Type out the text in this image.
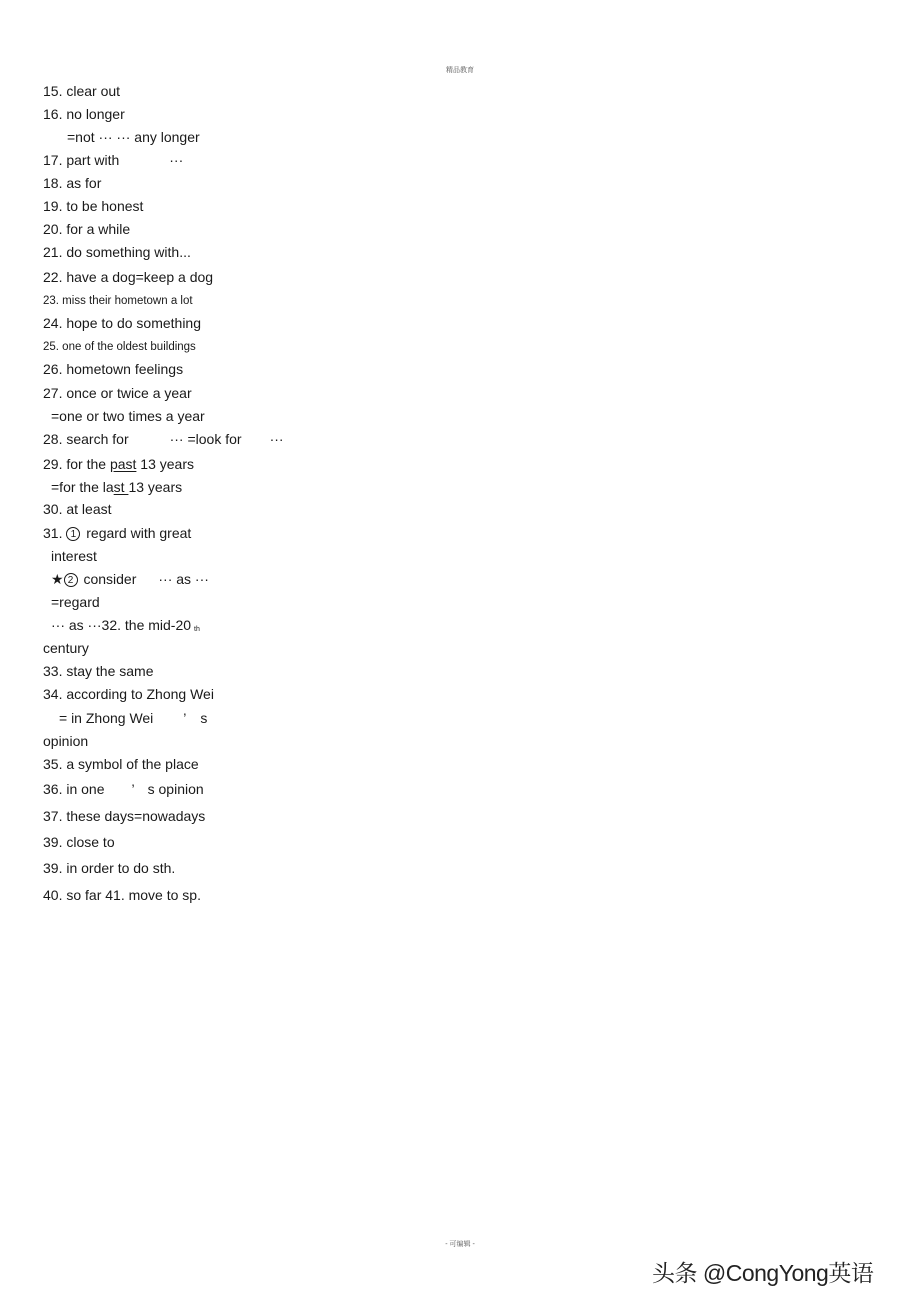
精品教育
15. clear out
16. no longer
=not ··· ··· any longer
17. part with	···
18. as for
19. to be honest
20. for a while
21. do something with...
22. have a dog=keep a dog
23. miss their hometown a lot
24. hope to do something
25. one of the oldest buildings
26. hometown feelings
27. once or twice a year
=one or two times a year
28. search for	··· =look for ···
29. for the past 13 years
=for the last 13 years
30. at least
31. 1 regard with great
interest
★ 2 consider ··· as ···
=regard
··· as ···32. the mid-20 th
century
33. stay the same
34. according to Zhong Wei
= in Zhong Wei ’ s
opinion
35. a symbol of the place
36. in one ’ s opinion
37. these days=nowadays
39. close to
39. in order to do sth.
40. so far 41. move to sp.
- 可编辑 -
头条 @CongYong英语
